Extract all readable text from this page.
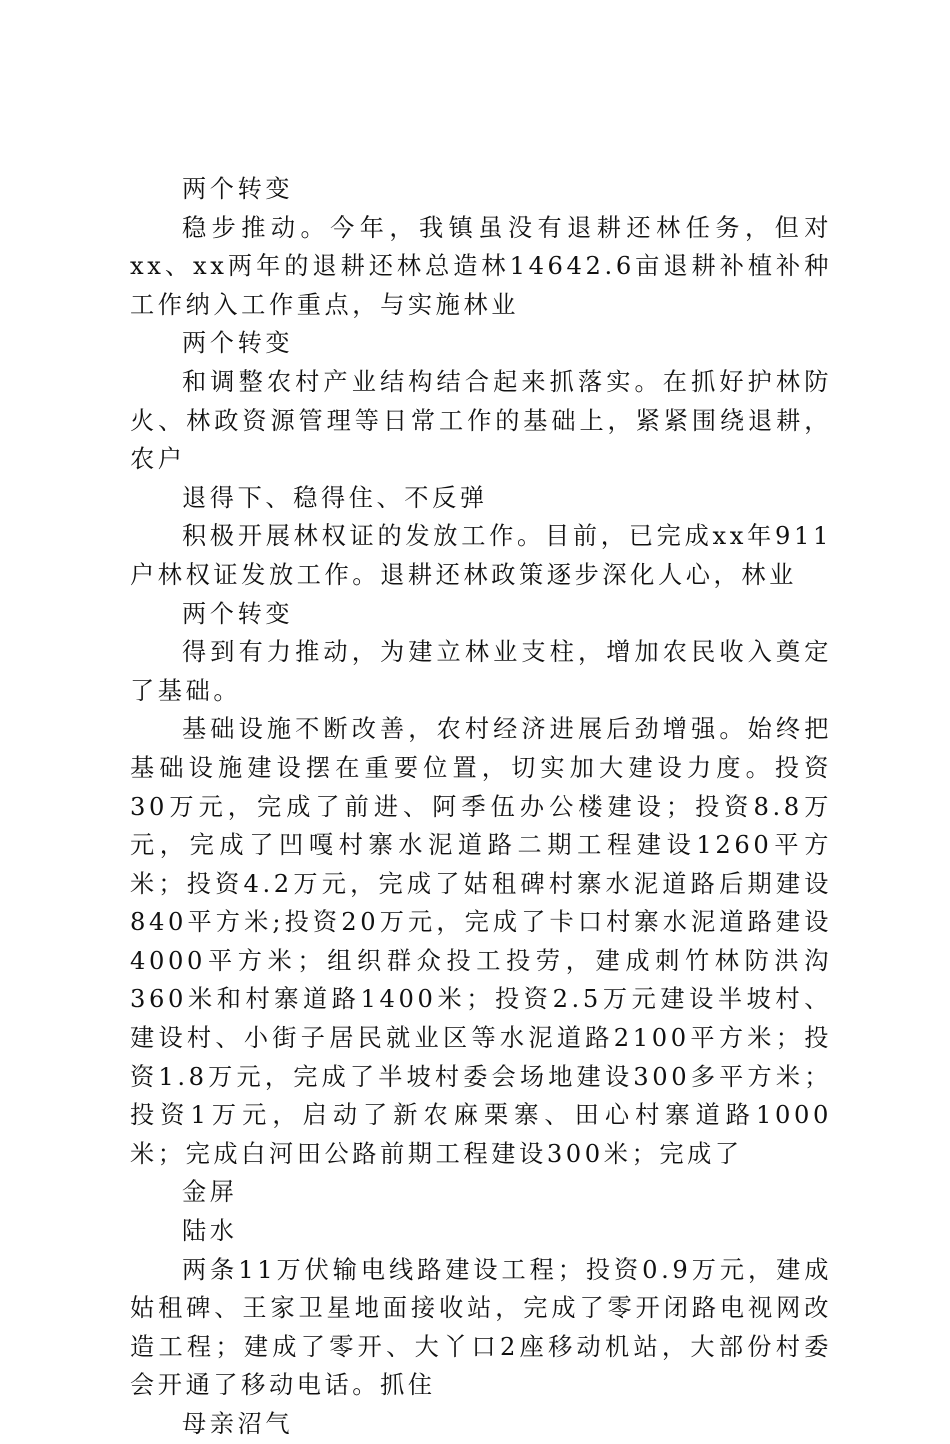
两个转变

稳步推动。今年，我镇虽没有退耕还林任务，但对xx、xx两年的退耕还林总造林14642.6亩退耕补植补种工作纳入工作重点，与实施林业

两个转变

和调整农村产业结构结合起来抓落实。在抓好护林防火、林政资源管理等日常工作的基础上，紧紧围绕退耕，农户

退得下、稳得住、不反弹

积极开展林权证的发放工作。目前，已完成xx年911户林权证发放工作。退耕还林政策逐步深化人心，林业

两个转变

得到有力推动，为建立林业支柱，增加农民收入奠定了基础。

基础设施不断改善，农村经济进展后劲增强。始终把基础设施建设摆在重要位置，切实加大建设力度。投资30万元，完成了前进、阿季伍办公楼建设；投资8.8万元，完成了凹嘎村寨水泥道路二期工程建设1260平方米；投资4.2万元，完成了姑租碑村寨水泥道路后期建设840平方米;投资20万元，完成了卡口村寨水泥道路建设4000平方米；组织群众投工投劳，建成刺竹林防洪沟360米和村寨道路1400米；投资2.5万元建设半坡村、建设村、小街子居民就业区等水泥道路2100平方米；投资1.8万元，完成了半坡村委会场地建设300多平方米；投资1万元，启动了新农麻栗寨、田心村寨道路1000米；完成白河田公路前期工程建设300米；完成了

金屏

陆水

两条11万伏输电线路建设工程；投资0.9万元，建成姑租碑、王家卫星地面接收站，完成了零开闭路电视网改造工程；建成了零开、大丫口2座移动机站，大部份村委会开通了移动电话。抓住

母亲沼气
